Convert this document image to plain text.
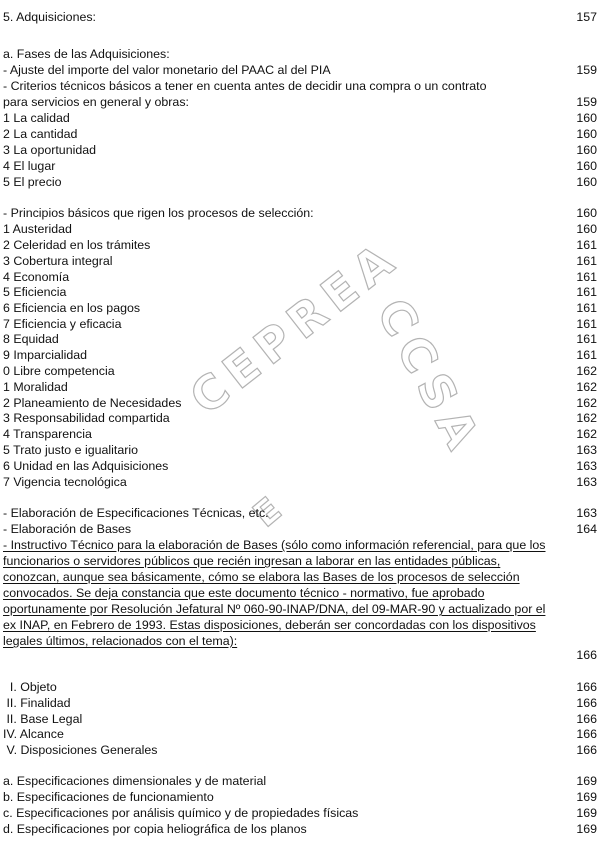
CEPREA
CCSA
E
5. Adquisiciones:	157
a. Fases de las Adquisiciones:
- Ajuste del importe del valor monetario del PAAC al del PIA	159
- Criterios técnicos básicos a tener en cuenta antes de decidir una compra o un contrato
para servicios en general y obras:	159
1 La calidad	160
2 La cantidad	160
3 La oportunidad	160
4 El lugar	160
5 El precio	160
- Principios básicos que rigen los procesos de selección:	160
1 Austeridad	160
2 Celeridad en los trámites	161
3 Cobertura integral	161
4 Economía	161
5 Eficiencia	161
6 Eficiencia en los pagos	161
7 Eficiencia y eficacia	161
8 Equidad	161
9 Imparcialidad	161
0 Libre competencia	162
1 Moralidad	162
2 Planeamiento de Necesidades	162
3 Responsabilidad compartida	162
4 Transparencia	162
5 Trato justo e igualitario	163
6 Unidad en las Adquisiciones	163
7 Vigencia tecnológica	163
- Elaboración de Especificaciones Técnicas, etc.	163
- Elaboración de Bases	164
- Instructivo Técnico para la elaboración de Bases (sólo como información referencial, para que los funcionarios o servidores públicos que recién ingresan a laborar en las entidades públicas, conozcan, aunque sea básicamente, cómo se elabora las Bases de los procesos de selección convocados. Se deja constancia que este documento técnico - normativo, fue aprobado oportunamente por Resolución Jefatural Nº 060-90-INAP/DNA, del 09-MAR-90 y actualizado por el ex INAP, en Febrero de 1993. Estas disposiciones, deberán ser concordadas con los dispositivos legales últimos, relacionados con el tema):
166
I. Objeto	166
II. Finalidad	166
II. Base Legal	166
IV. Alcance	166
V. Disposiciones Generales	166
a. Especificaciones dimensionales y de material	169
b. Especificaciones de funcionamiento	169
c. Especificaciones por análisis químico y de propiedades físicas	169
d. Especificaciones por copia heliográfica de los planos	169
